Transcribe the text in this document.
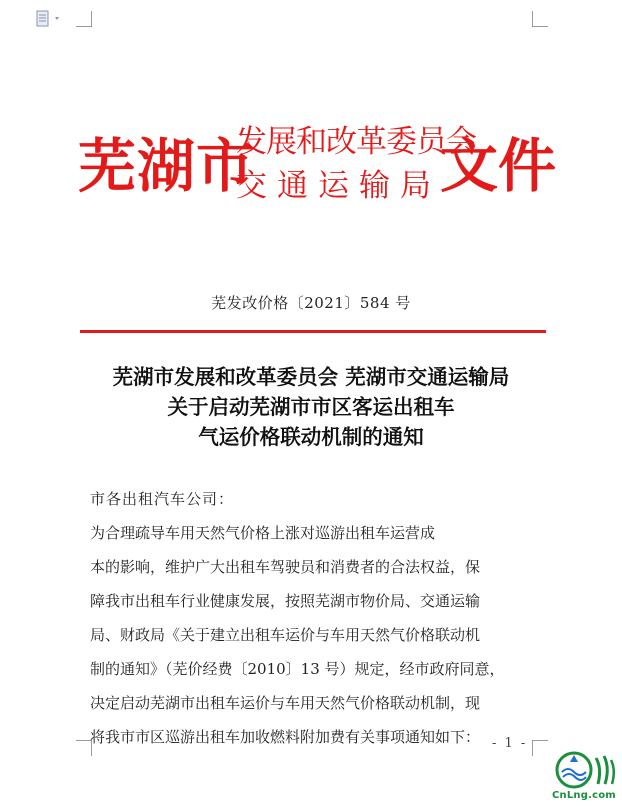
芜湖市
发展和改革委员会
交通运输局 文件
芜发改价格〔2021〕584 号
芜湖市发展和改革委员会 芜湖市交通运输局
关于启动芜湖市市区客运出租车
气运价格联动机制的通知
市各出租汽车公司：
为合理疏导车用天然气价格上涨对巡游出租车运营成
本的影响，维护广大出租车驾驶员和消费者的合法权益，保
障我市出租车行业健康发展，按照芜湖市物价局、交通运输
局、财政局《关于建立出租车运价与车用天然气价格联动机
制的通知》（芜价经费〔2010〕13 号）规定，经市政府同意，
决定启动芜湖市出租车运价与车用天然气价格联动机制，现
将我市市区巡游出租车加收燃料附加费有关事项通知如下： - 1 -
CnLng.com
